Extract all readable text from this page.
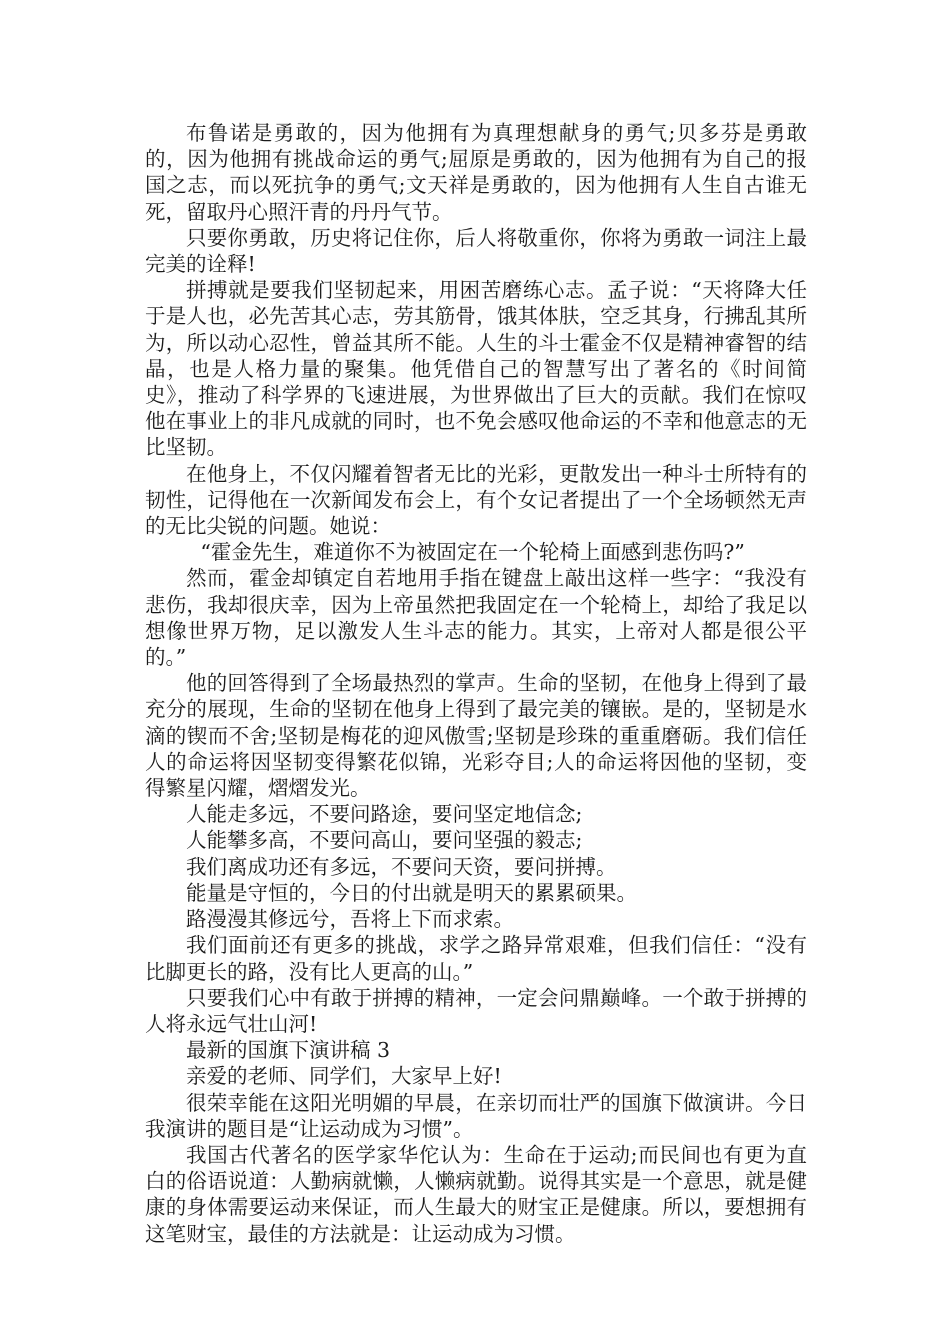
布鲁诺是勇敢的，因为他拥有为真理想献身的勇气;贝多芬是勇敢的，因为他拥有挑战命运的勇气;屈原是勇敢的，因为他拥有为自己的报国之志，而以死抗争的勇气;文天祥是勇敢的，因为他拥有人生自古谁无死，留取丹心照汗青的丹丹气节。

只要你勇敢，历史将记住你，后人将敬重你，你将为勇敢一词注上最完美的诠释!

拼搏就是要我们坚韧起来，用困苦磨练心志。孟子说：“天将降大任于是人也，必先苦其心志，劳其筋骨，饿其体肤，空乏其身，行拂乱其所为，所以动心忍性，曾益其所不能。人生的斗士霍金不仅是精神睿智的结晶，也是人格力量的聚集。他凭借自己的智慧写出了著名的《时间简史》，推动了科学界的飞速进展，为世界做出了巨大的贡献。我们在惊叹他在事业上的非凡成就的同时，也不免会感叹他命运的不幸和他意志的无比坚韧。

在他身上，不仅闪耀着智者无比的光彩，更散发出一种斗士所特有的韧性，记得他在一次新闻发布会上，有个女记者提出了一个全场顿然无声的无比尖锐的问题。她说：

“霍金先生，难道你不为被固定在一个轮椅上面感到悲伤吗?”

然而，霍金却镇定自若地用手指在键盘上敲出这样一些字：“我没有悲伤，我却很庆幸，因为上帝虽然把我固定在一个轮椅上，却给了我足以想像世界万物，足以激发人生斗志的能力。其实，上帝对人都是很公平的。”

他的回答得到了全场最热烈的掌声。生命的坚韧，在他身上得到了最充分的展现，生命的坚韧在他身上得到了最完美的镶嵌。是的，坚韧是水滴的锲而不舍;坚韧是梅花的迎风傲雪;坚韧是珍珠的重重磨砺。我们信任人的命运将因坚韧变得繁花似锦，光彩夺目;人的命运将因他的坚韧，变得繁星闪耀，熠熠发光。

人能走多远，不要问路途，要问坚定地信念;

人能攀多高，不要问高山，要问坚强的毅志;

我们离成功还有多远，不要问天资，要问拼搏。

能量是守恒的，今日的付出就是明天的累累硕果。

路漫漫其修远兮，吾将上下而求索。

我们面前还有更多的挑战，求学之路异常艰难，但我们信任：“没有比脚更长的路，没有比人更高的山。”

只要我们心中有敢于拼搏的精神，一定会问鼎巅峰。一个敢于拼搏的人将永远气壮山河!

最新的国旗下演讲稿 3

亲爱的老师、同学们，大家早上好!

很荣幸能在这阳光明媚的早晨，在亲切而壮严的国旗下做演讲。今日我演讲的题目是“让运动成为习惯”。

我国古代著名的医学家华佗认为：生命在于运动;而民间也有更为直白的俗语说道：人勤病就懒，人懒病就勤。说得其实是一个意思，就是健康的身体需要运动来保证，而人生最大的财宝正是健康。所以，要想拥有这笔财宝，最佳的方法就是：让运动成为习惯。
